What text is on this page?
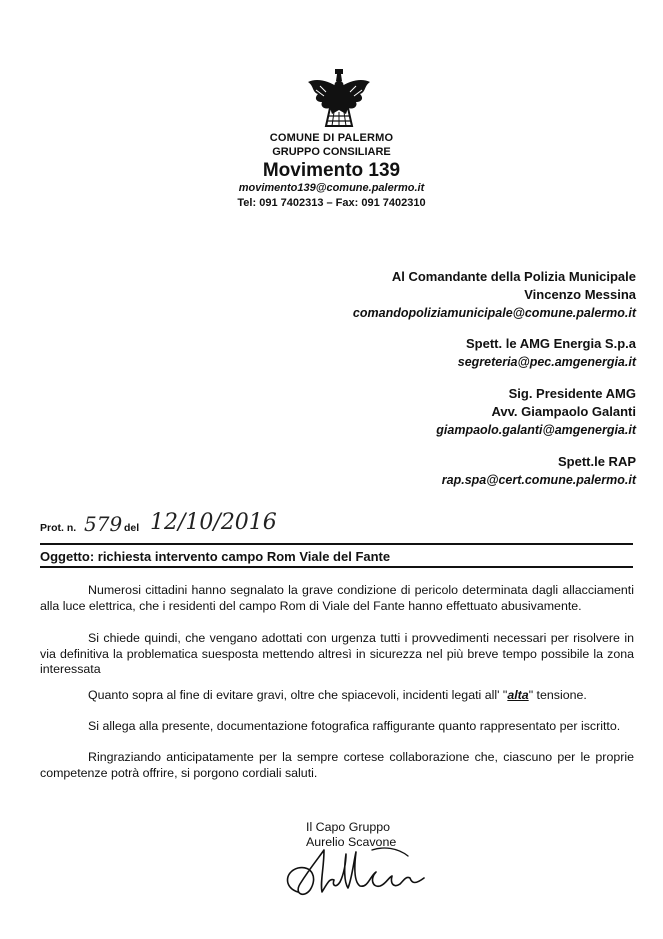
COMUNE DI PALERMO
GRUPPO CONSILIARE
Movimento 139
movimento139@comune.palermo.it
Tel: 091 7402313 – Fax: 091 7402310
Al Comandante della Polizia Municipale
Vincenzo Messina
comandopoliziamunicipale@comune.palermo.it
Spett. le AMG Energia S.p.a
segreteria@pec.amgenergia.it
Sig. Presidente AMG
Avv. Giampaolo Galanti
giampaolo.galanti@amgenergia.it
Spett.le RAP
rap.spa@cert.comune.palermo.it
Prot. n. 579 del 12/10/2016
Oggetto: richiesta intervento campo Rom Viale del Fante

Numerosi cittadini hanno segnalato la grave condizione di pericolo determinata dagli allacciamenti alla luce elettrica, che i residenti del campo Rom di Viale del Fante hanno effettuato abusivamente.

Si chiede quindi, che vengano adottati con urgenza tutti i provvedimenti necessari per risolvere in via definitiva la problematica suesposta mettendo altresì in sicurezza nel più breve tempo possibile la zona interessata

Quanto sopra al fine di evitare gravi, oltre che spiacevoli, incidenti legati all' "alta" tensione.

Si allega alla presente, documentazione fotografica raffigurante quanto rappresentato per iscritto.

Ringraziando anticipatamente per la sempre cortese collaborazione che, ciascuno per le proprie competenze potrà offrire, si porgono cordiali saluti.

Il Capo Gruppo
Aurelio Scavone
